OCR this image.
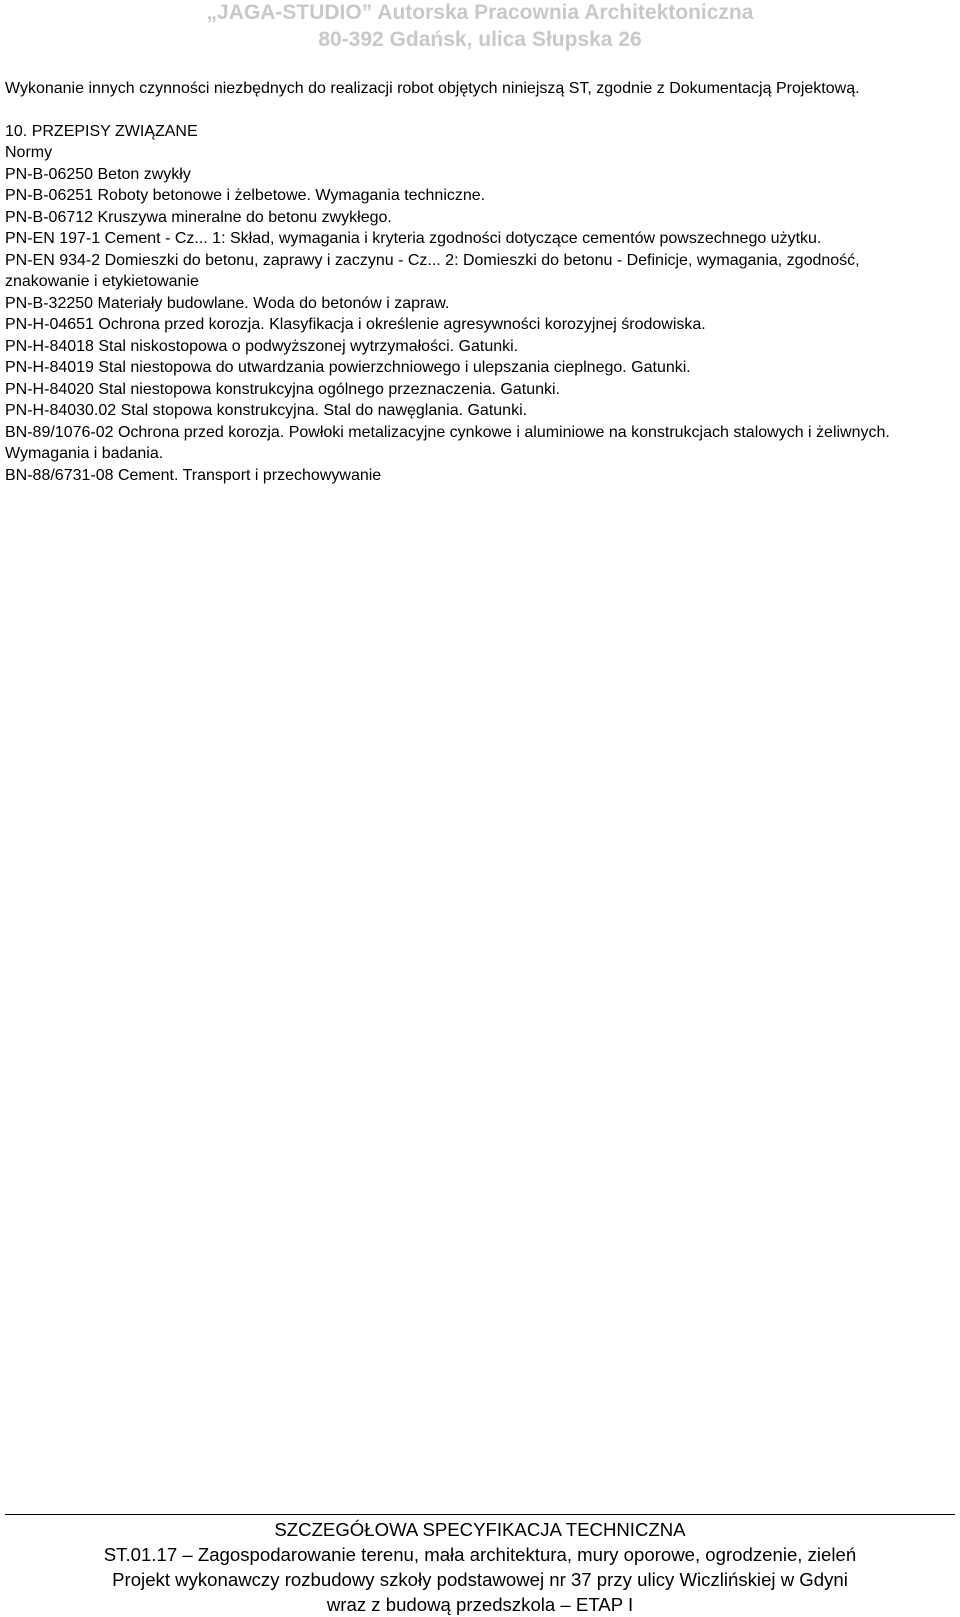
„JAGA-STUDIO” Autorska Pracownia Architektoniczna
80-392 Gdańsk, ulica Słupska 26

Wykonanie innych czynności niezbędnych do realizacji robot objętych niniejszą ST, zgodnie z Dokumentacją Projektową.

10. PRZEPISY ZWIĄZANE

Normy

PN-B-06250 Beton zwykły

PN-B-06251 Roboty betonowe i żelbetowe. Wymagania techniczne.

PN-B-06712 Kruszywa mineralne do betonu zwykłego.

PN-EN 197-1 Cement - Cz... 1: Skład, wymagania i kryteria zgodności dotyczące cementów powszechnego użytku.

PN-EN 934-2 Domieszki do betonu, zaprawy i zaczynu - Cz... 2: Domieszki do betonu - Definicje, wymagania, zgodność, znakowanie i etykietowanie

PN-B-32250 Materiały budowlane. Woda do betonów i zapraw.

PN-H-04651 Ochrona przed korozja. Klasyfikacja i określenie agresywności korozyjnej środowiska.

PN-H-84018 Stal niskostopowa o podwyższonej wytrzymałości. Gatunki.

PN-H-84019 Stal niestopowa do utwardzania powierzchniowego i ulepszania cieplnego. Gatunki.

PN-H-84020 Stal niestopowa konstrukcyjna ogólnego przeznaczenia. Gatunki.

PN-H-84030.02 Stal stopowa konstrukcyjna. Stal do nawęglania. Gatunki.

BN-89/1076-02 Ochrona przed korozja. Powłoki metalizacyjne cynkowe i aluminiowe na konstrukcjach stalowych i żeliwnych. Wymagania i badania.

BN-88/6731-08 Cement. Transport i przechowywanie

SZCZEGÓŁOWA SPECYFIKACJA TECHNICZNA
ST.01.17 – Zagospodarowanie terenu, mała architektura, mury oporowe, ogrodzenie, zieleń
Projekt wykonawczy rozbudowy szkoły podstawowej nr 37 przy ulicy Wiczlińskiej w Gdyni
wraz z budową przedszkola – ETAP I
